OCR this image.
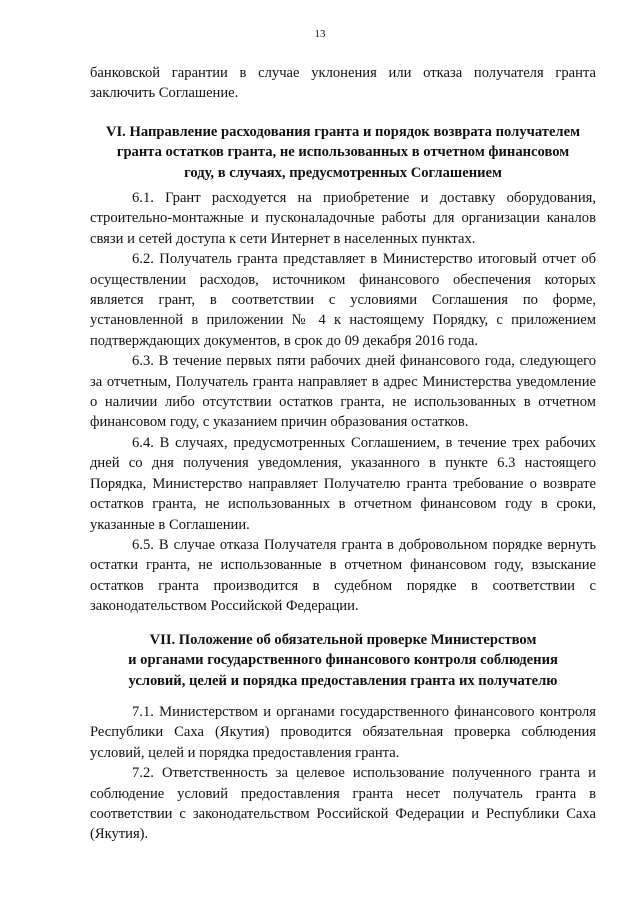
13

банковской гарантии в случае уклонения или отказа получателя гранта заключить Соглашение.

VI. Направление расходования гранта и порядок возврата получателем
гранта остатков гранта, не использованных в отчетном финансовом
году, в случаях, предусмотренных Соглашением

6.1. Грант расходуется на приобретение и доставку оборудования, строительно-монтажные и пусконаладочные работы для организации каналов связи и сетей доступа к сети Интернет в населенных пунктах.

6.2. Получатель гранта представляет в Министерство итоговый отчет об осуществлении расходов, источником финансового обеспечения которых является грант, в соответствии с условиями Соглашения по форме, установленной в приложении № 4 к настоящему Порядку, с приложением подтверждающих документов, в срок до 09 декабря 2016 года.

6.3. В течение первых пяти рабочих дней финансового года, следующего за отчетным, Получатель гранта направляет в адрес Министерства уведомление о наличии либо отсутствии остатков гранта, не использованных в отчетном финансовом году, с указанием причин образования остатков.

6.4. В случаях, предусмотренных Соглашением, в течение трех рабочих дней со дня получения уведомления, указанного в пункте 6.3 настоящего Порядка, Министерство направляет Получателю гранта требование о возврате остатков гранта, не использованных в отчетном финансовом году в сроки, указанные в Соглашении.

6.5. В случае отказа Получателя гранта в добровольном порядке вернуть остатки гранта, не использованные в отчетном финансовом году, взыскание остатков гранта производится в судебном порядке в соответствии с законодательством Российской Федерации.

VII. Положение об обязательной проверке Министерством
и органами государственного финансового контроля соблюдения
условий, целей и порядка предоставления гранта их получателю

7.1. Министерством и органами государственного финансового контроля Республики Саха (Якутия) проводится обязательная проверка соблюдения условий, целей и порядка предоставления гранта.

7.2. Ответственность за целевое использование полученного гранта и соблюдение условий предоставления гранта несет получатель гранта в соответствии с законодательством Российской Федерации и Республики Саха (Якутия).
